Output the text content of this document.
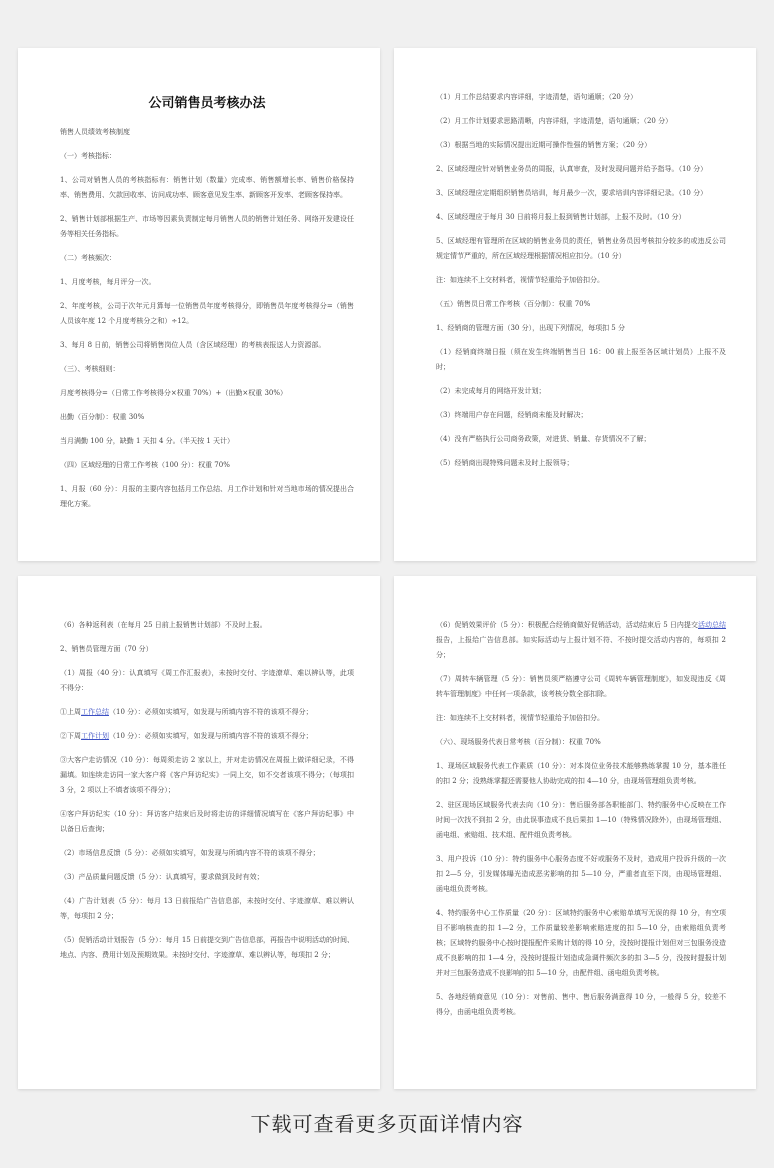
公司销售员考核办法

销售人员绩效考核制度

（一）考核指标：

1、公司对销售人员的考核指标有：销售计划（数量）完成率、销售额增长率、销售价格保持率、销售费用、欠款回收率、访问成功率、顾客意见发生率、新顾客开发率、老顾客保持率。

2、销售计划部根据生产、市场等因素负责制定每月销售人员的销售计划任务、网络开发建设任务等相关任务指标。

（二）考核频次：

1、月度考核，每月评分一次。

2、年度考核，公司于次年元月算每一位销售员年度考核得分，即销售员年度考核得分=（销售人员该年度 12 个月度考核分之和）÷12。

3、每月 8 日前，销售公司将销售岗位人员（含区域经理）的考核表报送人力资源部。

（三）、考核细则：

月度考核得分=（日常工作考核得分×权重 70%）+（出勤×权重 30%）

出勤（百分制）：权重 30%

当月满勤 100 分，缺勤 1 天扣 4 分。（半天按 1 天计）

（四）区域经理的日常工作考核（100 分）：权重 70%

1、月报（60 分）：月报的主要内容包括月工作总结、月工作计划和针对当地市场的情况提出合理化方案。

（1）月工作总结要求内容详细，字迹清楚，语句通顺；（20 分）

（2）月工作计划要求思路清晰，内容详细，字迹清楚，语句通顺；（20 分）

（3）根据当地的实际情况提出近期可操作性强的销售方案；（20 分）

2、区域经理应针对销售业务员的周报，认真审查，及时发现问题并给予指导。（10 分）

3、区域经理应定期组织销售员培训，每月最少一次，要求培训内容详细记录。（10 分）

4、区域经理应于每月 30 日前将月报上报到销售计划部，上报不及时。（10 分）

5、区域经理有管理所在区域的销售业务员的责任，销售业务员因考核扣分较多的或违反公司规定情节严重的，所在区域经理根据情况相应扣分。（10 分）

注：如连续不上交材料者，视情节轻重给予加倍扣分。

（五）销售员日常工作考核（百分制）：权重 70%

1、经销商的管理方面（30 分），出现下列情况，每项扣 5 分

（1）经销商终端日报（须在发生终端销售当日 16：00 前上报至各区域计划员）上报不及时；

（2）未完成每月的网络开发计划；

（3）终端用户存在问题，经销商未能及时解决；

（4）没有严格执行公司商务政策，对进货、销量、存货情况不了解；

（5）经销商出现特殊问题未及时上报领导；

（6）各种返利表（在每月 25 日前上报销售计划部）不及时上报。

2、销售员管理方面（70 分）

（1）周报（40 分）：认真填写《周工作汇报表》，未按时交付、字迹潦草、难以辨认等，此项不得分：

①上周工作总结（10 分）：必须如实填写，如发现与所填内容不符的该项不得分；

②下周工作计划（10 分）：必须如实填写，如发现与所填内容不符的该项不得分；

③大客户走访情况（10 分）：每周须走访 2 家以上，并对走访情况在周报上做详细记录，不得漏填。如连续走访同一家大客户将《客户拜访纪实》一同上交，如不交者该项不得分；（每项扣 3 分，2 项以上不填者该项不得分）；

④客户拜访纪实（10 分）：拜访客户结束后及时将走访的详细情况填写在《客户拜访纪事》中以备日后查询；

（2）市场信息反馈（5 分）：必须如实填写，如发现与所填内容不符的该项不得分；

（3）产品质量问题反馈（5 分）：认真填写，要求做到及时有效；

（4）广告计划表（5 分）：每月 13 日前报给广告信息部，未按时交付、字迹潦草、难以辨认等，每项扣 2 分；

（5）促销活动计划报告（5 分）：每月 15 日前提交到广告信息部，再报告中说明活动的时间、地点、内容、费用计划及预期效果。未按时交付、字迹潦草、难以辨认等，每项扣 2 分；

（6）促销效果评价（5 分）：积极配合经销商做好促销活动，活动结束后 5 日内提交活动总结报告，上报给广告信息部。如实际活动与上报计划不符、不按时提交活动内容的，每项扣 2 分；

（7）周转车辆管理（5 分）：销售员须严格遵守公司《周转车辆管理制度》，如发现违反《周转车管理制度》中任何一项条款，该考核分数全部扣除。

注：如连续不上交材料者，视情节轻重给予加倍扣分。

（六）、现场服务代表日常考核（百分制）：权重 70%

1、现场区域服务代表工作素质（10 分）：对本岗位业务技术能够熟练掌握 10 分，基本胜任的扣 2 分；没熟练掌握还需要他人协助完成的扣 4—10 分，由现场管理组负责考核。

2、驻区现场区域服务代表去向（10 分）：售后服务部各职能部门、特约服务中心反映在工作时间一次找不到扣 2 分，由此误事造成不良后果扣 1—10（特殊情况除外），由现场管理组、函电组、索赔组、技术组、配件组负责考核。

3、用户投诉（10 分）：特约服务中心服务态度不好或服务不及时，造成用户投诉升级的一次扣 2—5 分，引发媒体曝光造成恶劣影响的扣 5—10 分，严重者直至下岗，由现场管理组、函电组负责考核。

4、特约服务中心工作质量（20 分）：区域特约服务中心索赔单填写无误的得 10 分，有空项目不影响核查的扣 1—2 分，工作质量较差影响索赔进度的扣 5—10 分，由索赔组负责考核；区域特约服务中心按时提报配件采购计划的得 10 分，没按时提报计划但对三包服务没造成不良影响的扣 1—4 分，没按时提报计划造成急调件频次多的扣 3—5 分，没按时提报计划并对三包服务造成不良影响的扣 5—10 分，由配件组、函电组负责考核。

5、各地经销商意见（10 分）：对售前、售中、售后服务满意得 10 分，一般得 5 分，较差不得分，由函电组负责考核。

下载可查看更多页面详情内容
